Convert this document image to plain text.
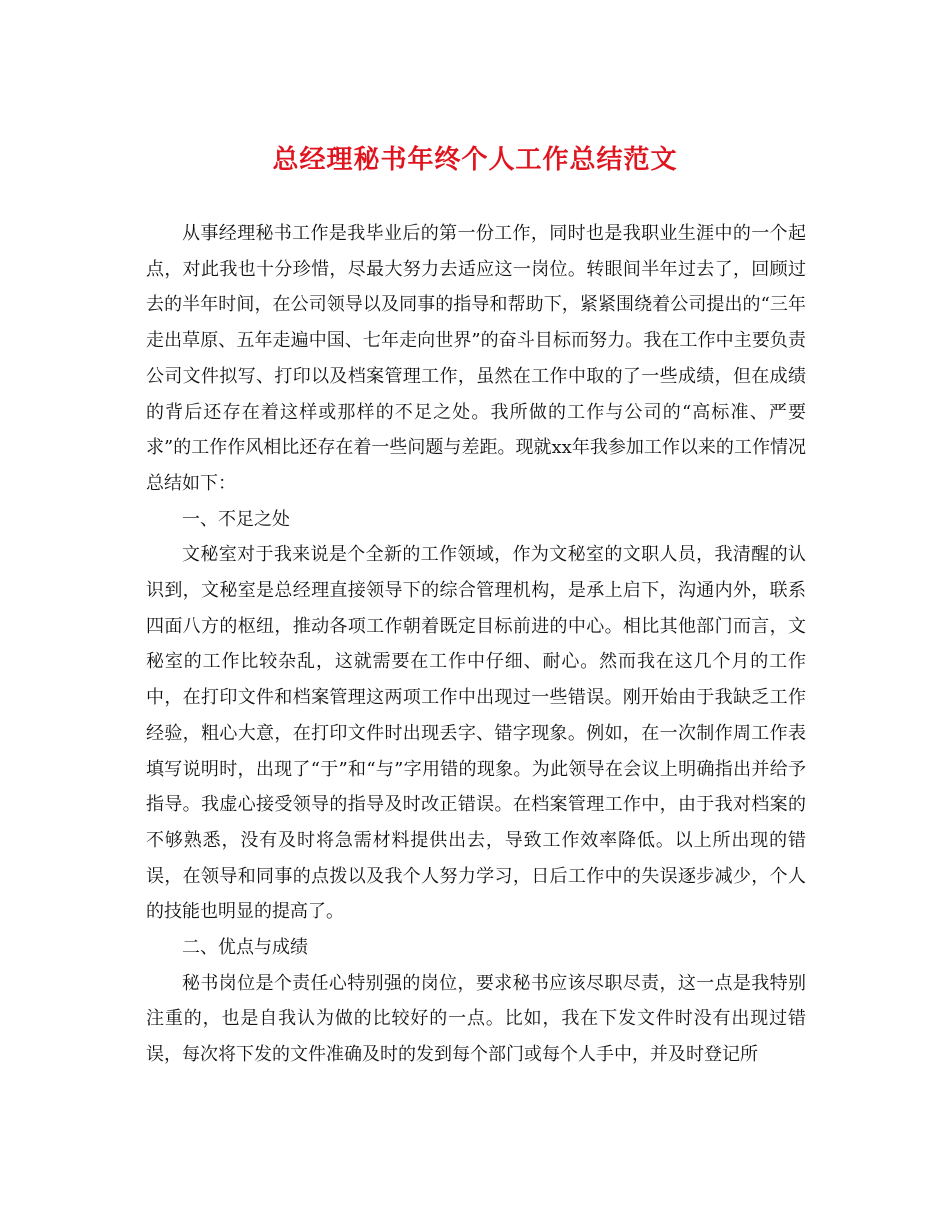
总经理秘书年终个人工作总结范文

从事经理秘书工作是我毕业后的第一份工作，同时也是我职业生涯中的一个起点，对此我也十分珍惜，尽最大努力去适应这一岗位。转眼间半年过去了，回顾过去的半年时间，在公司领导以及同事的指导和帮助下，紧紧围绕着公司提出的“三年走出草原、五年走遍中国、七年走向世界”的奋斗目标而努力。我在工作中主要负责公司文件拟写、打印以及档案管理工作，虽然在工作中取的了一些成绩，但在成绩的背后还存在着这样或那样的不足之处。我所做的工作与公司的“高标准、严要求”的工作作风相比还存在着一些问题与差距。现就xx年我参加工作以来的工作情况总结如下：

一、不足之处

文秘室对于我来说是个全新的工作领域，作为文秘室的文职人员，我清醒的认识到，文秘室是总经理直接领导下的综合管理机构，是承上启下，沟通内外，联系四面八方的枢纽，推动各项工作朝着既定目标前进的中心。相比其他部门而言，文秘室的工作比较杂乱，这就需要在工作中仔细、耐心。然而我在这几个月的工作中，在打印文件和档案管理这两项工作中出现过一些错误。刚开始由于我缺乏工作经验，粗心大意，在打印文件时出现丢字、错字现象。例如，在一次制作周工作表填写说明时，出现了“于”和“与”字用错的现象。为此领导在会议上明确指出并给予指导。我虚心接受领导的指导及时改正错误。在档案管理工作中，由于我对档案的不够熟悉，没有及时将急需材料提供出去，导致工作效率降低。以上所出现的错误，在领导和同事的点拨以及我个人努力学习，日后工作中的失误逐步减少，个人的技能也明显的提高了。

二、优点与成绩

秘书岗位是个责任心特别强的岗位，要求秘书应该尽职尽责，这一点是我特别注重的，也是自我认为做的比较好的一点。比如，我在下发文件时没有出现过错误，每次将下发的文件准确及时的发到每个部门或每个人手中，并及时登记所
